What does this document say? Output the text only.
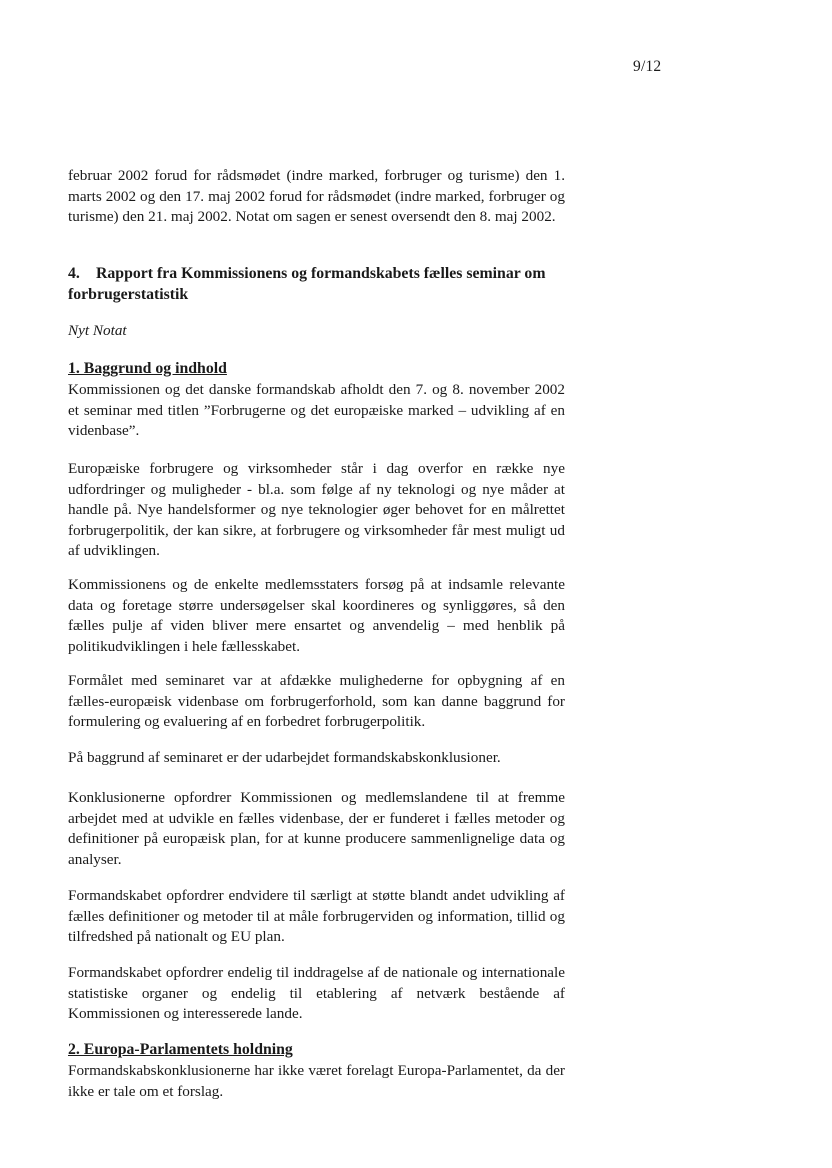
9/12
februar 2002 forud for rådsmødet (indre marked, forbruger og turisme) den 1. marts 2002 og den 17. maj 2002 forud for rådsmødet (indre marked, forbruger og turisme) den 21. maj 2002. Notat om sagen er senest oversendt den 8. maj 2002.
4. Rapport fra Kommissionens og formandskabets fælles seminar om forbrugerstatistik
Nyt Notat
1. Baggrund og indhold
Kommissionen og det danske formandskab afholdt den 7. og 8. november 2002 et seminar med titlen ”Forbrugerne og det europæiske marked – udvikling af en videnbase”.
Europæiske forbrugere og virksomheder står i dag overfor en række nye udfordringer og muligheder - bl.a. som følge af ny teknologi og nye måder at handle på. Nye handelsformer og nye teknologier øger behovet for en målrettet forbrugerpolitik, der kan sikre, at forbrugere og virksomheder får mest muligt ud af udviklingen.
Kommissionens og de enkelte medlemsstaters forsøg på at indsamle relevante data og foretage større undersøgelser skal koordineres og synliggøres, så den fælles pulje af viden bliver mere ensartet og anvendelig – med henblik på politikudviklingen i hele fællesskabet.
Formålet med seminaret var at afdække mulighederne for opbygning af en fælles-europæisk videnbase om forbrugerforhold, som kan danne baggrund for formulering og evaluering af en forbedret forbrugerpolitik.
På baggrund af seminaret er der udarbejdet formandskabskonklusioner.
Konklusionerne opfordrer Kommissionen og medlemslandene til at fremme arbejdet med at udvikle en fælles videnbase, der er funderet i fælles metoder og definitioner på europæisk plan, for at kunne producere sammenlignelige data og analyser.
Formandskabet opfordrer endvidere til særligt at støtte blandt andet udvikling af fælles definitioner og metoder til at måle forbrugerviden og information, tillid og tilfredshed på nationalt og EU plan.
Formandskabet opfordrer endelig til inddragelse af de nationale og internationale statistiske organer og endelig til etablering af netværk bestående af Kommissionen og interesserede lande.
2. Europa-Parlamentets holdning
Formandskabskonklusionerne har ikke været forelagt Europa-Parlamentet, da der ikke er tale om et forslag.
